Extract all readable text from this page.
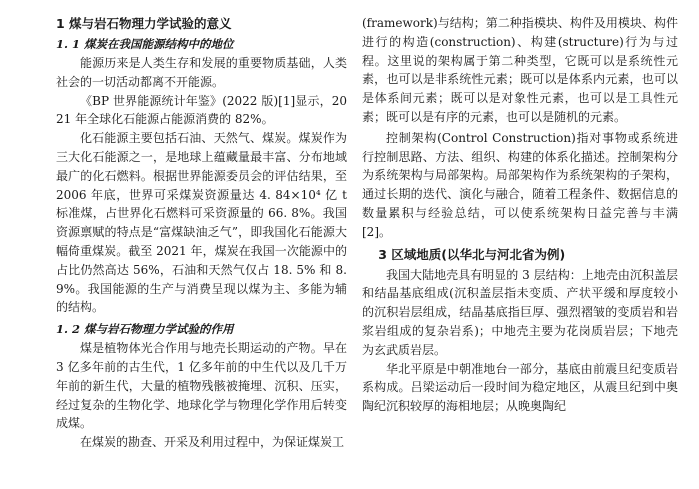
1 煤与岩石物理力学试验的意义
1. 1 煤炭在我国能源结构中的地位
能源历来是人类生存和发展的重要物质基础，人类社会的一切活动都离不开能源。
《BP 世界能源统计年鉴》(2022 版)[1]显示，2021 年全球化石能源占能源消费的 82%。
化石能源主要包括石油、天然气、煤炭。煤炭作为三大化石能源之一，是地球上蕴藏量最丰富、分布地域最广的化石燃料。根据世界能源委员会的评估结果，至 2006 年底，世界可采煤炭资源量达 4. 84×10⁴ 亿 t 标准煤，占世界化石燃料可采资源量的 66. 8%。我国资源禀赋的特点是“富煤缺油乏气”，即我国化石能源大幅倚重煤炭。截至 2021 年，煤炭在我国一次能源中的占比仍然高达 56%，石油和天然气仅占 18. 5% 和 8.9%。我国能源的生产与消费呈现以煤为主、多能为辅的结构。
1. 2 煤与岩石物理力学试验的作用
煤是植物体光合作用与地壳长期运动的产物。早在 3 亿多年前的古生代，1 亿多年前的中生代以及几千万年前的新生代，大量的植物残骸被掩埋、沉积、压实，经过复杂的生物化学、地球化学与物理化学作用后转变成煤。
在煤炭的勘查、开采及利用过程中，为保证煤炭工
(framework)与结构；第二种指模块、构件及用模块、构件进行的构造(construction)、构建(structure)行为与过程。这里说的架构属于第二种类型，它既可以是系统性元素，也可以是非系统性元素；既可以是体系内元素，也可以是体系间元素；既可以是对象性元素，也可以是工具性元素；既可以是有序的元素，也可以是随机的元素。
控制架构(Control Construction)指对事物或系统进行控制思路、方法、组织、构建的体系化描述。控制架构分为系统架构与局部架构。局部架构作为系统架构的子架构，通过长期的迭代、演化与融合，随着工程条件、数据信息的数量累积与经验总结，可以使系统架构日益完善与丰满[2]。
3 区域地质(以华北与河北省为例)
我国大陆地壳具有明显的 3 层结构：上地壳由沉积盖层和结晶基底组成(沉积盖层指未变质、产状平缓和厚度较小的沉积岩层组成，结晶基底指巨厚、强烈褶皱的变质岩和岩浆岩组成的复杂岩系)；中地壳主要为花岗质岩层；下地壳为玄武质岩层。
华北平原是中朝准地台一部分，基底由前震旦纪变质岩系构成。吕梁运动后一段时间为稳定地区，从震旦纪到中奥陶纪沉积较厚的海相地层；从晚奥陶纪
